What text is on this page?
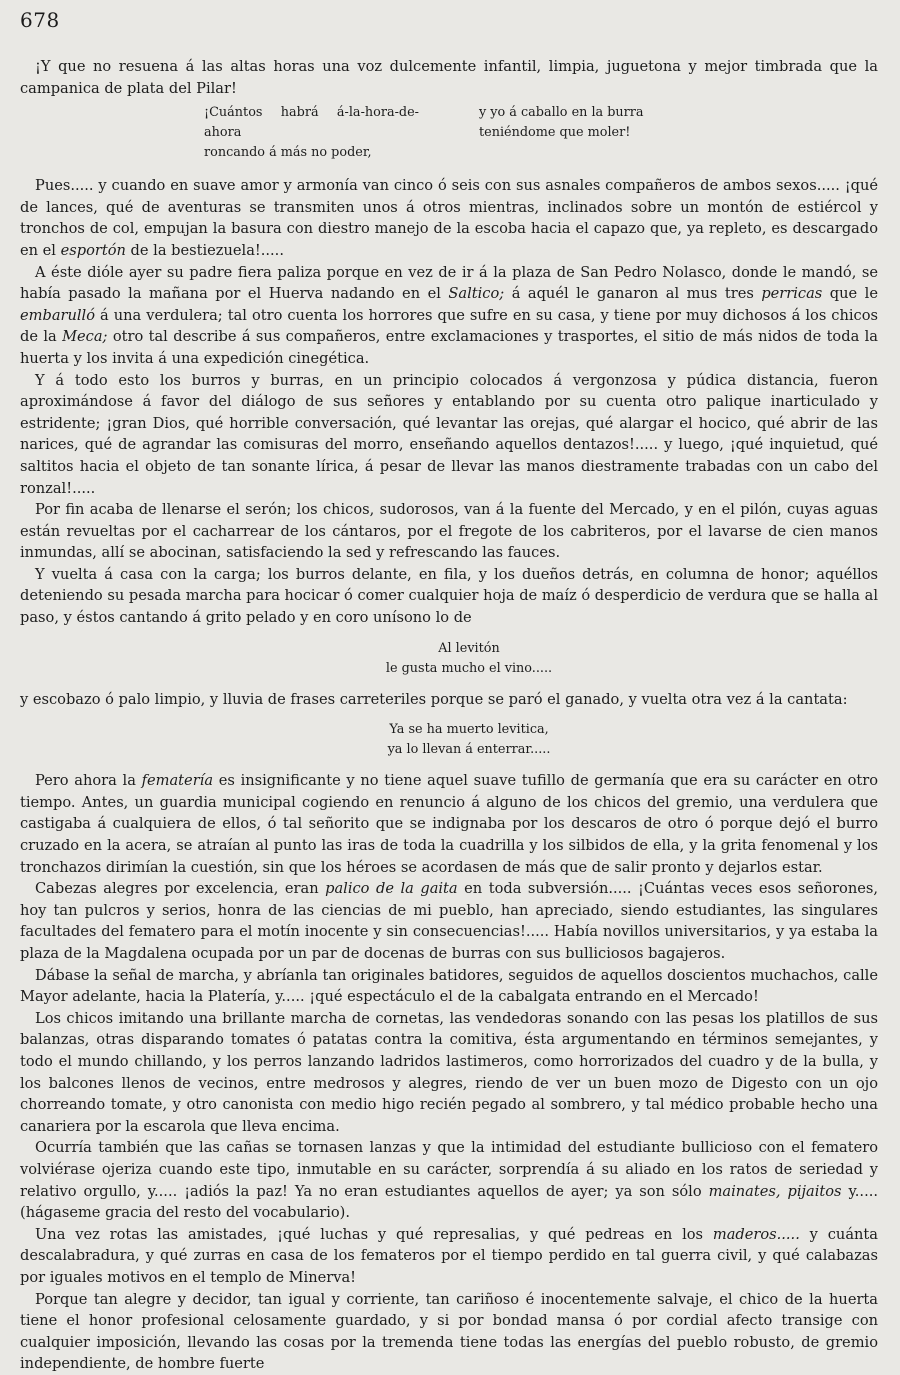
678

¡Y que no resuena á las altas horas una voz dulcemente infantil, limpia, juguetona y mejor timbrada que la campanica de plata del Pilar!

¡Cuántos habrá á-la-hora-de-ahora
roncando á más no poder,
y yo á caballo en la burra
teniéndome que moler!

Pues..... y cuando en suave amor y armonía van cinco ó seis con sus asnales compañeros de ambos sexos..... ¡qué de lances, qué de aventuras se transmiten unos á otros mientras, inclinados sobre un montón de estiércol y tronchos de col, empujan la basura con diestro manejo de la escoba hacia el capazo que, ya repleto, es descargado en el esportón de la bestiezuela!.....

A éste dióle ayer su padre fiera paliza porque en vez de ir á la plaza de San Pedro Nolasco, donde le mandó, se había pasado la mañana por el Huerva nadando en el Saltico; á aquél le ganaron al mus tres perricas que le embarulló á una verdulera; tal otro cuenta los horrores que sufre en su casa, y tiene por muy dichosos á los chicos de la Meca; otro tal describe á sus compañeros, entre exclamaciones y trasportes, el sitio de más nidos de toda la huerta y los invita á una expedición cinegética.

Y á todo esto los burros y burras, en un principio colocados á vergonzosa y púdica distancia, fueron aproximándose á favor del diálogo de sus señores y entablando por su cuenta otro palique inarticulado y estridente; ¡gran Dios, qué horrible conversación, qué levantar las orejas, qué alargar el hocico, qué abrir de las narices, qué de agrandar las comisuras del morro, enseñando aquellos dentazos!..... y luego, ¡qué inquietud, qué saltitos hacia el objeto de tan sonante lírica, á pesar de llevar las manos diestramente trabadas con un cabo del ronzal!.....

Por fin acaba de llenarse el serón; los chicos, sudorosos, van á la fuente del Mercado, y en el pilón, cuyas aguas están revueltas por el cacharrear de los cántaros, por el fregote de los cabriteros, por el lavarse de cien manos inmundas, allí se abocinan, satisfaciendo la sed y refrescando las fauces.

Y vuelta á casa con la carga; los burros delante, en fila, y los dueños detrás, en columna de honor; aquéllos deteniendo su pesada marcha para hocicar ó comer cualquier hoja de maíz ó desperdicio de verdura que se halla al paso, y éstos cantando á grito pelado y en coro unísono lo de

Al levitón
le gusta mucho el vino.....

y escobazo ó palo limpio, y lluvia de frases carreteriles porque se paró el ganado, y vuelta otra vez á la cantata:

Ya se ha muerto levitica,
ya lo llevan á enterrar.....

Pero ahora la fematería es insignificante y no tiene aquel suave tufillo de germanía que era su carácter en otro tiempo. Antes, un guardia municipal cogiendo en renuncio á alguno de los chicos del gremio, una verdulera que castigaba á cualquiera de ellos, ó tal señorito que se indignaba por los descaros de otro ó porque dejó el burro cruzado en la acera, se atraían al punto las iras de toda la cuadrilla y los silbidos de ella, y la grita fenomenal y los tronchazos dirimían la cuestión, sin que los héroes se acordasen de más que de salir pronto y dejarlos estar.

Cabezas alegres por excelencia, eran palico de la gaita en toda subversión..... ¡Cuántas veces esos señorones, hoy tan pulcros y serios, honra de las ciencias de mi pueblo, han apreciado, siendo estudiantes, las singulares facultades del fematero para el motín inocente y sin consecuencias!..... Había novillos universitarios, y ya estaba la plaza de la Magdalena ocupada por un par de docenas de burras con sus bulliciosos bagajeros.

Dábase la señal de marcha, y abríanla tan originales batidores, seguidos de aquellos doscientos muchachos, calle Mayor adelante, hacia la Platería, y..... ¡qué espectáculo el de la cabalgata entrando en el Mercado!

Los chicos imitando una brillante marcha de cornetas, las vendedoras sonando con las pesas los platillos de sus balanzas, otras disparando tomates ó patatas contra la comitiva, ésta argumentando en términos semejantes, y todo el mundo chillando, y los perros lanzando ladridos lastimeros, como horrorizados del cuadro y de la bulla, y los balcones llenos de vecinos, entre medrosos y alegres, riendo de ver un buen mozo de Digesto con un ojo chorreando tomate, y otro canonista con medio higo recién pegado al sombrero, y tal médico probable hecho una canariera por la escarola que lleva encima.

Ocurría también que las cañas se tornasen lanzas y que la intimidad del estudiante bullicioso con el fematero volviérase ojeriza cuando este tipo, inmutable en su carácter, sorprendía á su aliado en los ratos de seriedad y relativo orgullo, y..... ¡adiós la paz! Ya no eran estudiantes aquellos de ayer; ya son sólo mainates, pijaitos y..... (hágaseme gracia del resto del vocabulario).

Una vez rotas las amistades, ¡qué luchas y qué represalias, y qué pedreas en los maderos..... y cuánta descalabradura, y qué zurras en casa de los femateros por el tiempo perdido en tal guerra civil, y qué calabazas por iguales motivos en el templo de Minerva!

Porque tan alegre y decidor, tan igual y corriente, tan cariñoso é inocentemente salvaje, el chico de la huerta tiene el honor profesional celosamente guardado, y si por bondad mansa ó por cordial afecto transige con cualquier imposición, llevando las cosas por la tremenda tiene todas las energías del pueblo robusto, de gremio independiente, de hombre fuerte
